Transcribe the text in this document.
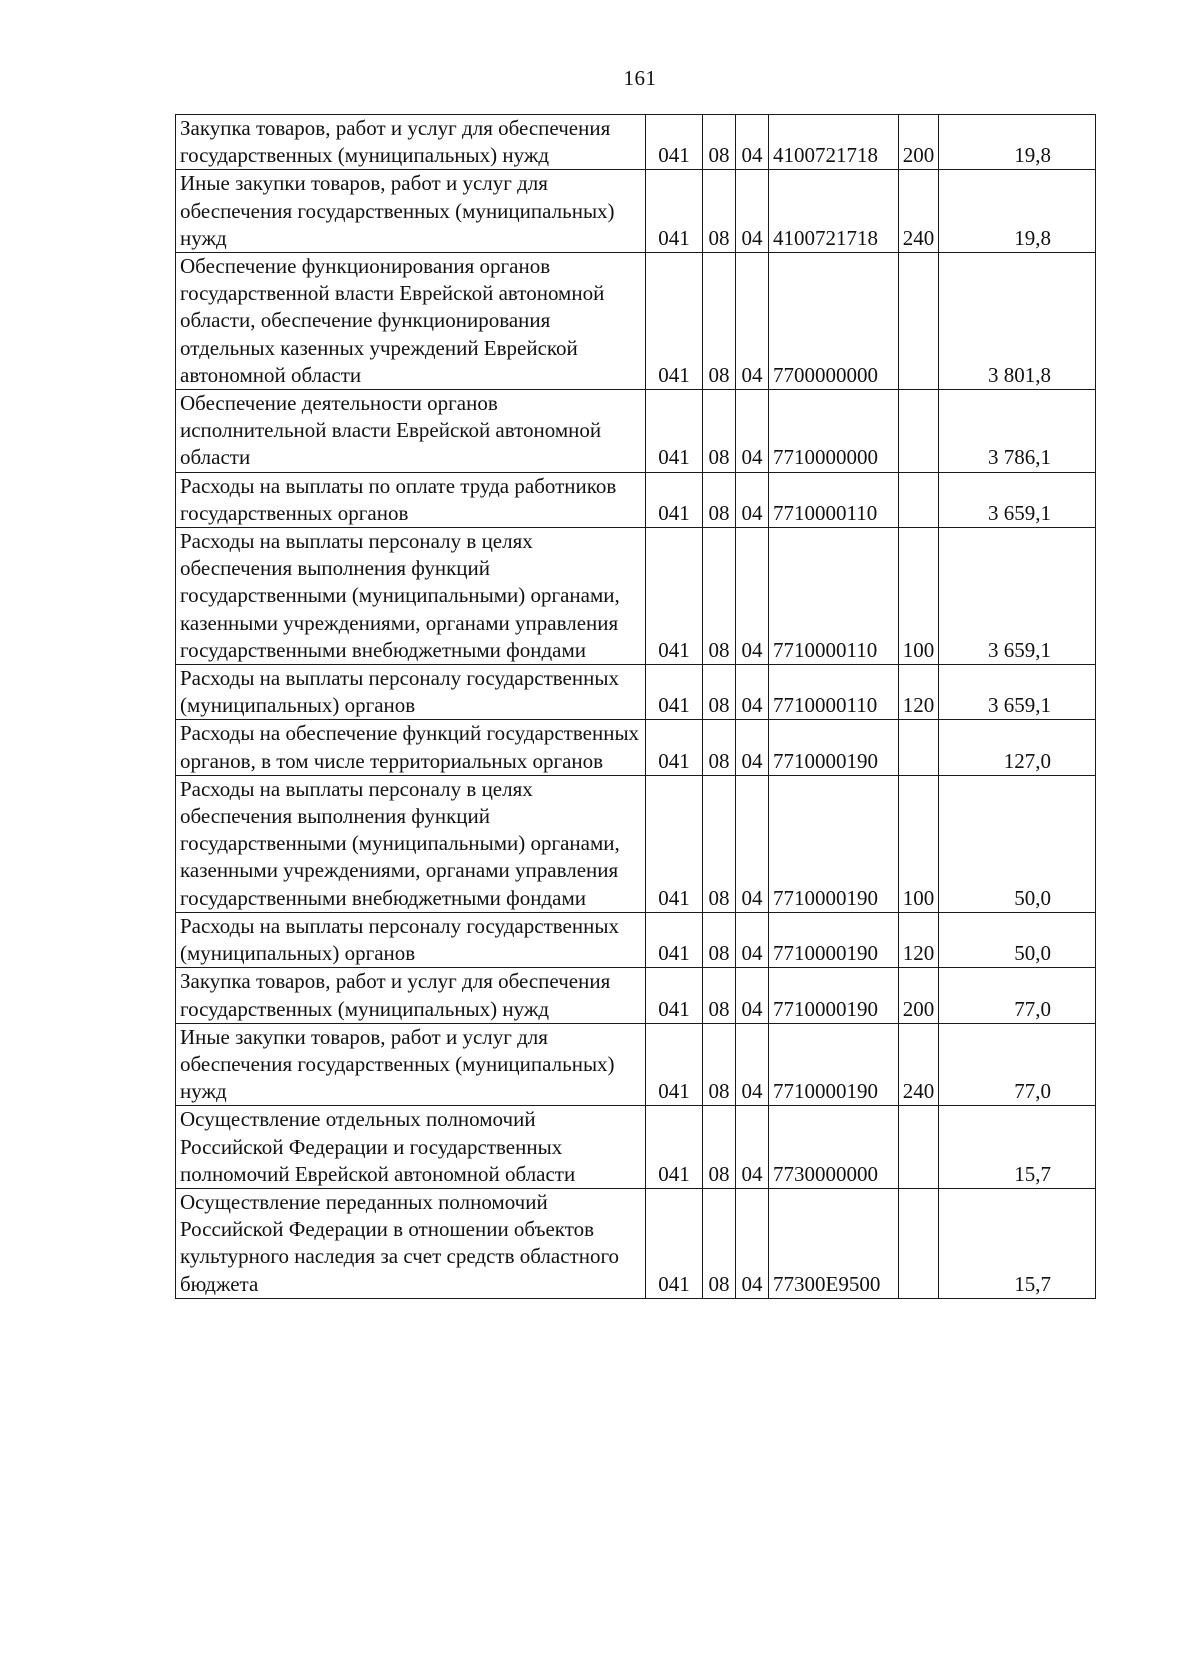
161
Закупка товаров, работ и услуг для обеспечения государственных (муниципальных) нужд	041	08	04	4100721718	200	19,8
Иные закупки товаров, работ и услуг для обеспечения государственных (муниципальных) нужд	041	08	04	4100721718	240	19,8
Обеспечение функционирования органов государственной власти Еврейской автономной области, обеспечение функционирования отдельных казенных учреждений Еврейской автономной области	041	08	04	7700000000		3 801,8
Обеспечение деятельности органов исполнительной власти Еврейской автономной области	041	08	04	7710000000		3 786,1
Расходы на выплаты по оплате труда работников государственных органов	041	08	04	7710000110		3 659,1
Расходы на выплаты персоналу в целях обеспечения выполнения функций государственными (муниципальными) органами, казенными учреждениями, органами управления государственными внебюджетными фондами	041	08	04	7710000110	100	3 659,1
Расходы на выплаты персоналу государственных (муниципальных) органов	041	08	04	7710000110	120	3 659,1
Расходы на обеспечение функций государственных органов, в том числе территориальных органов	041	08	04	7710000190		127,0
Расходы на выплаты персоналу в целях обеспечения выполнения функций государственными (муниципальными) органами, казенными учреждениями, органами управления государственными внебюджетными фондами	041	08	04	7710000190	100	50,0
Расходы на выплаты персоналу государственных (муниципальных) органов	041	08	04	7710000190	120	50,0
Закупка товаров, работ и услуг для обеспечения государственных (муниципальных) нужд	041	08	04	7710000190	200	77,0
Иные закупки товаров, работ и услуг для обеспечения государственных (муниципальных) нужд	041	08	04	7710000190	240	77,0
Осуществление отдельных полномочий Российской Федерации и государственных полномочий Еврейской автономной области	041	08	04	7730000000		15,7
Осуществление переданных полномочий Российской Федерации в отношении объектов культурного наследия за счет средств областного бюджета	041	08	04	77300E9500		15,7
